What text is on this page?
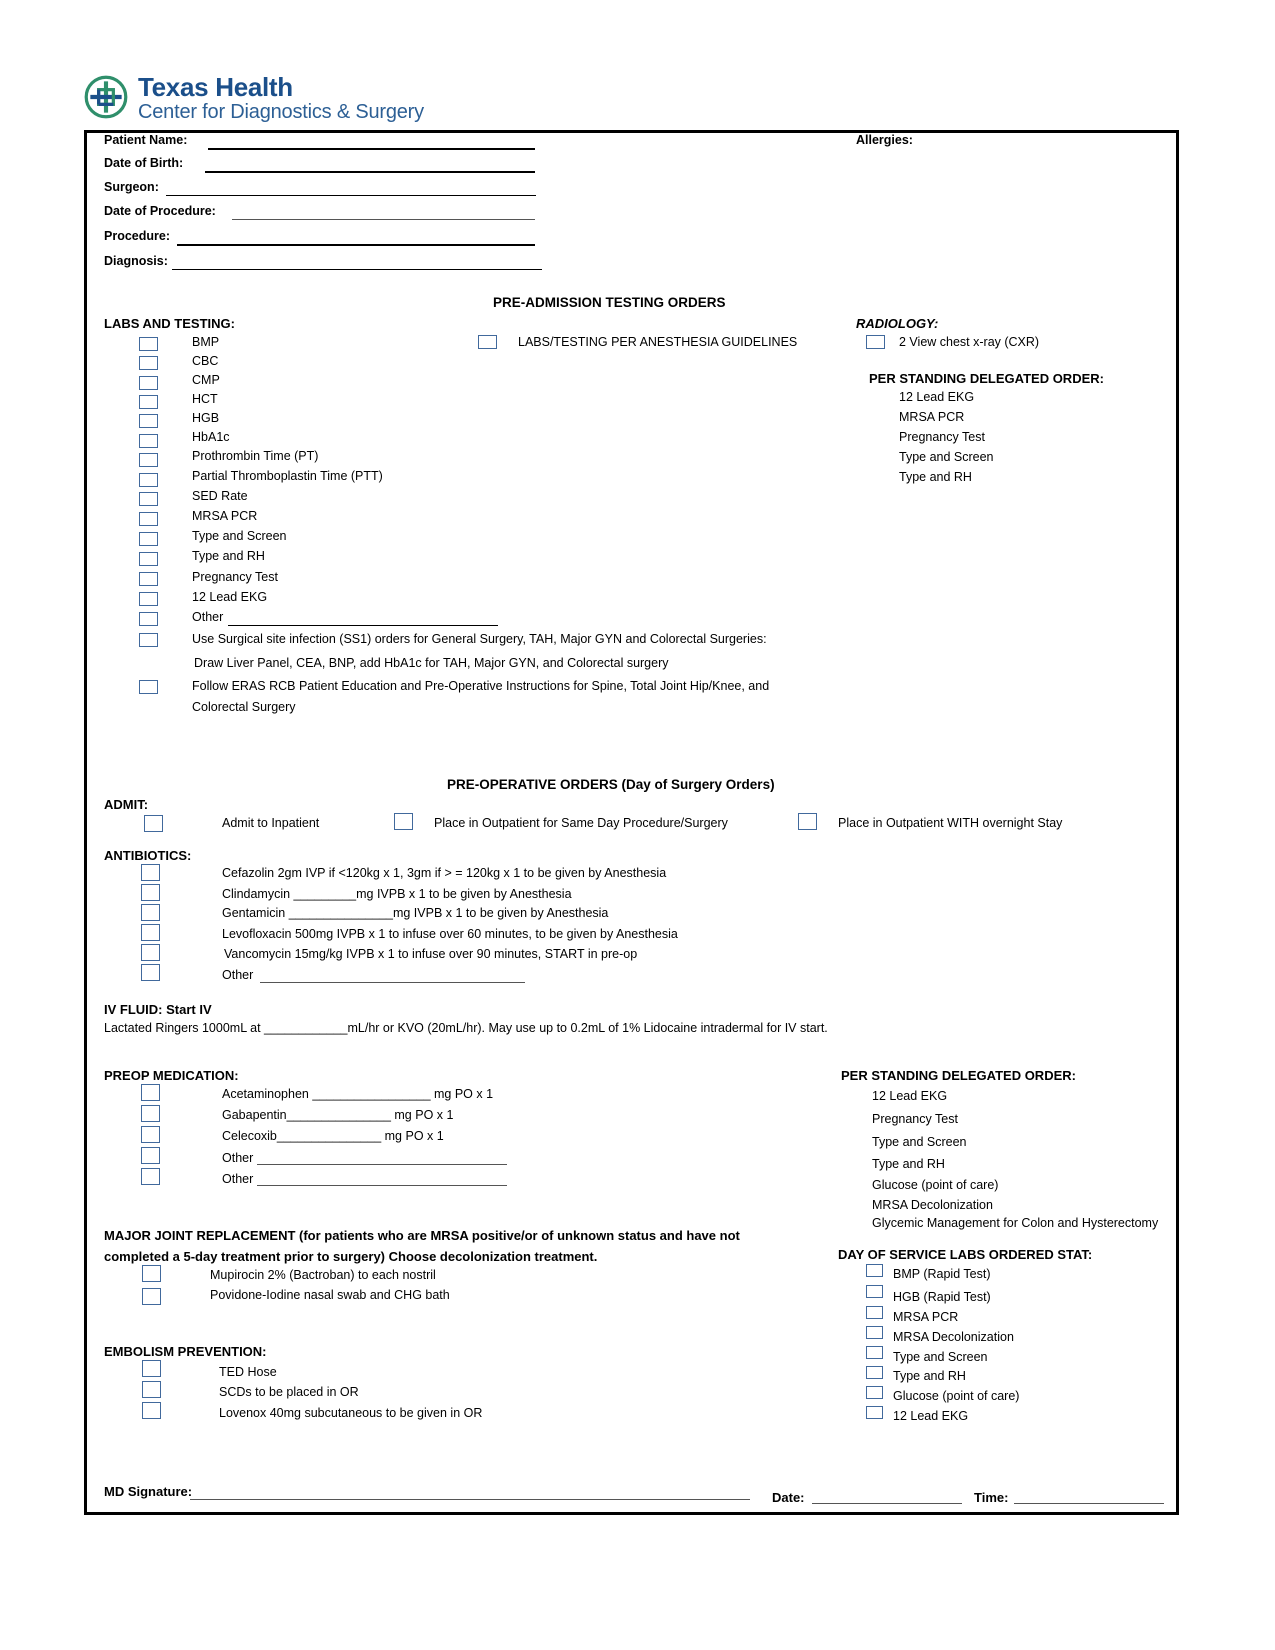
Texas Health
Center for Diagnostics & Surgery
Patient Name:
Date of Birth:
Surgeon:
Date of Procedure:
Procedure:
Diagnosis:
Allergies:
PRE-ADMISSION TESTING ORDERS
LABS AND TESTING:
BMP
CBC
CMP
HCT
HGB
HbA1c
Prothrombin Time (PT)
Partial Thromboplastin Time (PTT)
SED Rate
MRSA PCR
Type and Screen
Type and RH
Pregnancy Test
12 Lead EKG
Other
Use Surgical site infection (SS1) orders for General Surgery, TAH, Major GYN and Colorectal Surgeries:
Draw Liver Panel, CEA, BNP, add HbA1c for TAH, Major GYN, and Colorectal surgery
Follow ERAS RCB Patient Education and Pre-Operative Instructions for Spine, Total Joint Hip/Knee, and
Colorectal Surgery
LABS/TESTING PER ANESTHESIA GUIDELINES
RADIOLOGY:
2 View chest x-ray (CXR)
PER STANDING DELEGATED ORDER:
12 Lead EKG
MRSA PCR
Pregnancy Test
Type and Screen
Type and RH
PRE-OPERATIVE ORDERS (Day of Surgery Orders)
ADMIT:
Admit to Inpatient	Place in Outpatient for Same Day Procedure/Surgery	Place in Outpatient WITH overnight Stay
ANTIBIOTICS:
Cefazolin 2gm IVP if <120kg x 1, 3gm if > = 120kg x 1 to be given by Anesthesia
Clindamycin _________mg IVPB x 1 to be given by Anesthesia
Gentamicin _______________mg IVPB x 1 to be given by Anesthesia
Levofloxacin 500mg IVPB x 1 to infuse over 60 minutes, to be given by Anesthesia
Vancomycin 15mg/kg IVPB x 1 to infuse over 90 minutes, START in pre-op
Other
IV FLUID: Start IV
Lactated Ringers 1000mL at ____________mL/hr or KVO (20mL/hr). May use up to 0.2mL of 1% Lidocaine intradermal for IV start.
PREOP MEDICATION:
Acetaminophen _________________ mg PO x 1
Gabapentin_______________ mg PO x 1
Celecoxib_______________ mg PO x 1
Other
Other
PER STANDING DELEGATED ORDER:
12 Lead EKG
Pregnancy Test
Type and Screen
Type and RH
Glucose (point of care)
MRSA Decolonization
Glycemic Management for Colon and Hysterectomy
MAJOR JOINT REPLACEMENT (for patients who are MRSA positive/or of unknown status and have not
completed a 5-day treatment prior to surgery) Choose decolonization treatment.
Mupirocin 2% (Bactroban) to each nostril
Povidone-Iodine nasal swab and CHG bath
EMBOLISM PREVENTION:
TED Hose
SCDs to be placed in OR
Lovenox 40mg subcutaneous to be given in OR
DAY OF SERVICE LABS ORDERED STAT:
BMP (Rapid Test)
HGB (Rapid Test)
MRSA PCR
MRSA Decolonization
Type and Screen
Type and RH
Glucose (point of care)
12 Lead EKG
MD Signature:	Date:	Time:
